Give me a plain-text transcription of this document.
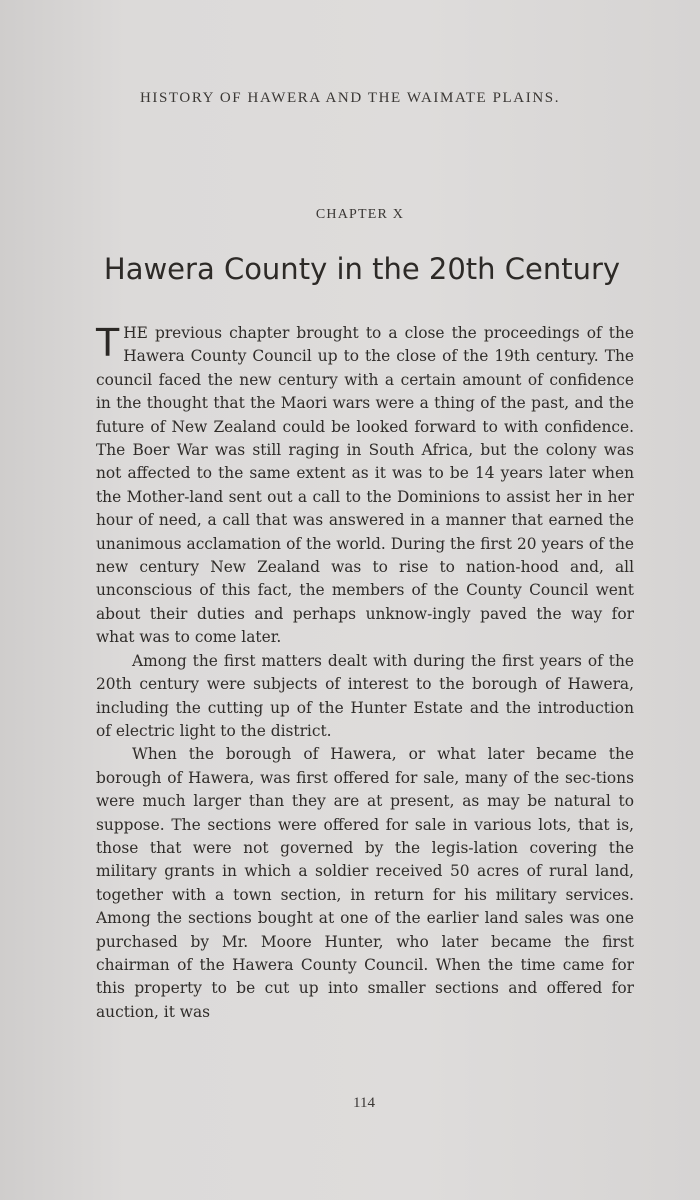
HISTORY OF HAWERA AND THE WAIMATE PLAINS.
CHAPTER X
Hawera County in the 20th Century

THE previous chapter brought to a close the proceedings of the Hawera County Council up to the close of the 19th century. The council faced the new century with a certain amount of confidence in the thought that the Maori wars were a thing of the past, and the future of New Zealand could be looked forward to with confidence. The Boer War was still raging in South Africa, but the colony was not affected to the same extent as it was to be 14 years later when the Mother-land sent out a call to the Dominions to assist her in her hour of need, a call that was answered in a manner that earned the unanimous acclamation of the world. During the first 20 years of the new century New Zealand was to rise to nation-hood and, all unconscious of this fact, the members of the County Council went about their duties and perhaps unknow-ingly paved the way for what was to come later.

Among the first matters dealt with during the first years of the 20th century were subjects of interest to the borough of Hawera, including the cutting up of the Hunter Estate and the introduction of electric light to the district.

When the borough of Hawera, or what later became the borough of Hawera, was first offered for sale, many of the sec-tions were much larger than they are at present, as may be natural to suppose. The sections were offered for sale in various lots, that is, those that were not governed by the legis-lation covering the military grants in which a soldier received 50 acres of rural land, together with a town section, in return for his military services. Among the sections bought at one of the earlier land sales was one purchased by Mr. Moore Hunter, who later became the first chairman of the Hawera County Council. When the time came for this property to be cut up into smaller sections and offered for auction, it was

114
